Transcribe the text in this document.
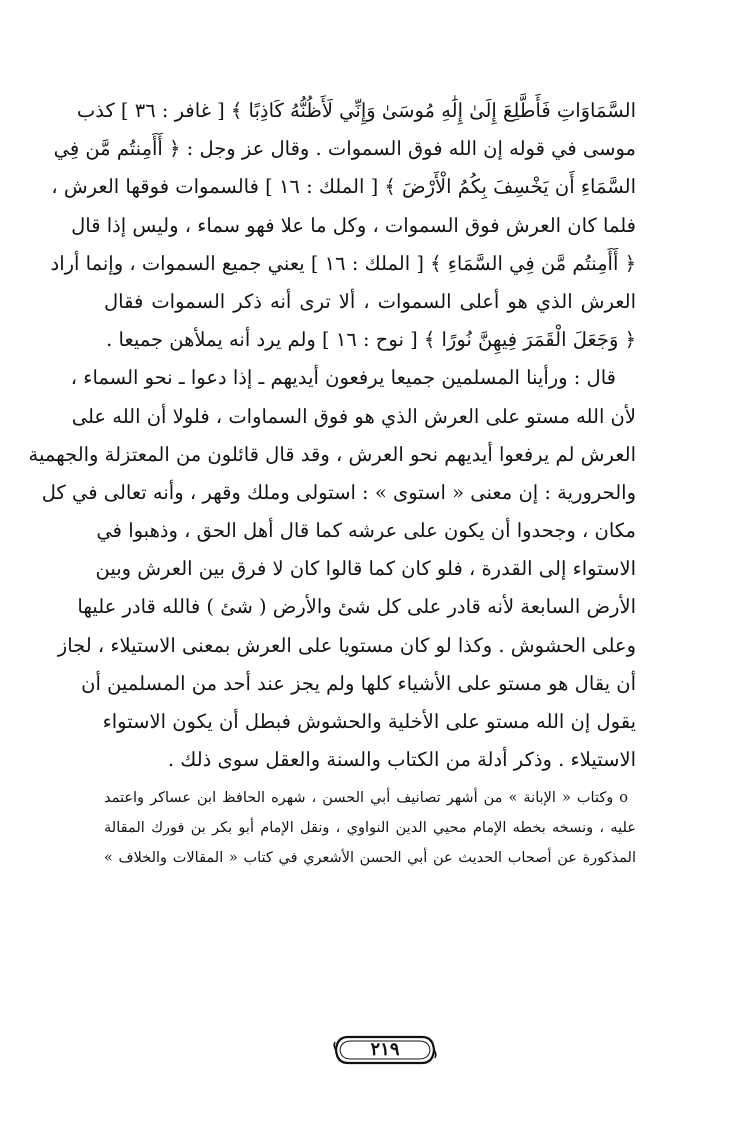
السَّمَاوَاتِ فَأَطَّلِعَ إِلَىٰ إِلَٰهِ مُوسَىٰ وَإِنِّي لَأَظُنُّهُ كَاذِبًا ﴾ [ غافر : ٣٦ ] كذب
موسى في قوله إن الله فوق السموات . وقال عز وجل : ﴿ أَأَمِنتُم مَّن فِي
السَّمَاءِ أَن يَخْسِفَ بِكُمُ الْأَرْضَ ﴾ [ الملك : ١٦ ] فالسموات فوقها العرش ،
فلما كان العرش فوق السموات ، وكل ما علا فهو سماء ، وليس إذا قال
﴿ أَأَمِنتُم مَّن فِي السَّمَاءِ ﴾ [ الملك : ١٦ ] يعني جميع السموات ، وإنما أراد
العرش الذي هو أعلى السموات ، ألا ترى أنه ذكر السموات فقال
﴿ وَجَعَلَ الْقَمَرَ فِيهِنَّ نُورًا ﴾ [ نوح : ١٦ ] ولم يرد أنه يملأهن جميعا .
قال : ورأينا المسلمين جميعا يرفعون أيديهم ـ إذا دعوا ـ نحو السماء ،
لأن الله مستو على العرش الذي هو فوق السماوات ، فلولا أن الله على
العرش لم يرفعوا أيديهم نحو العرش ، وقد قال قائلون من المعتزلة والجهمية
والحرورية : إن معنى « استوى » : استولى وملك وقهر ، وأنه تعالى في كل
مكان ، وجحدوا أن يكون على عرشه كما قال أهل الحق ، وذهبوا في
الاستواء إلى القدرة ، فلو كان كما قالوا كان لا فرق بين العرش وبين
الأرض السابعة لأنه قادر على كل شئ والأرض ( شئ ) فالله قادر عليها
وعلى الحشوش . وكذا لو كان مستويا على العرش بمعنى الاستيلاء ، لجاز
أن يقال هو مستو على الأشياء كلها ولم يجز عند أحد من المسلمين أن
يقول إن الله مستو على الأخلية والحشوش فبطل أن يكون الاستواء
الاستيلاء . وذكر أدلة من الكتاب والسنة والعقل سوى ذلك .
o وكتاب « الإبانة » من أشهر تصانيف أبي الحسن ، شهره الحافظ ابن عساكر واعتمد
عليه ، ونسخه بخطه الإمام محيي الدين النواوي ، ونقل الإمام أبو بكر بن فورك المقالة
المذكورة عن أصحاب الحديث عن أبي الحسن الأشعري في كتاب « المقالات والخلاف »
٢١٩
